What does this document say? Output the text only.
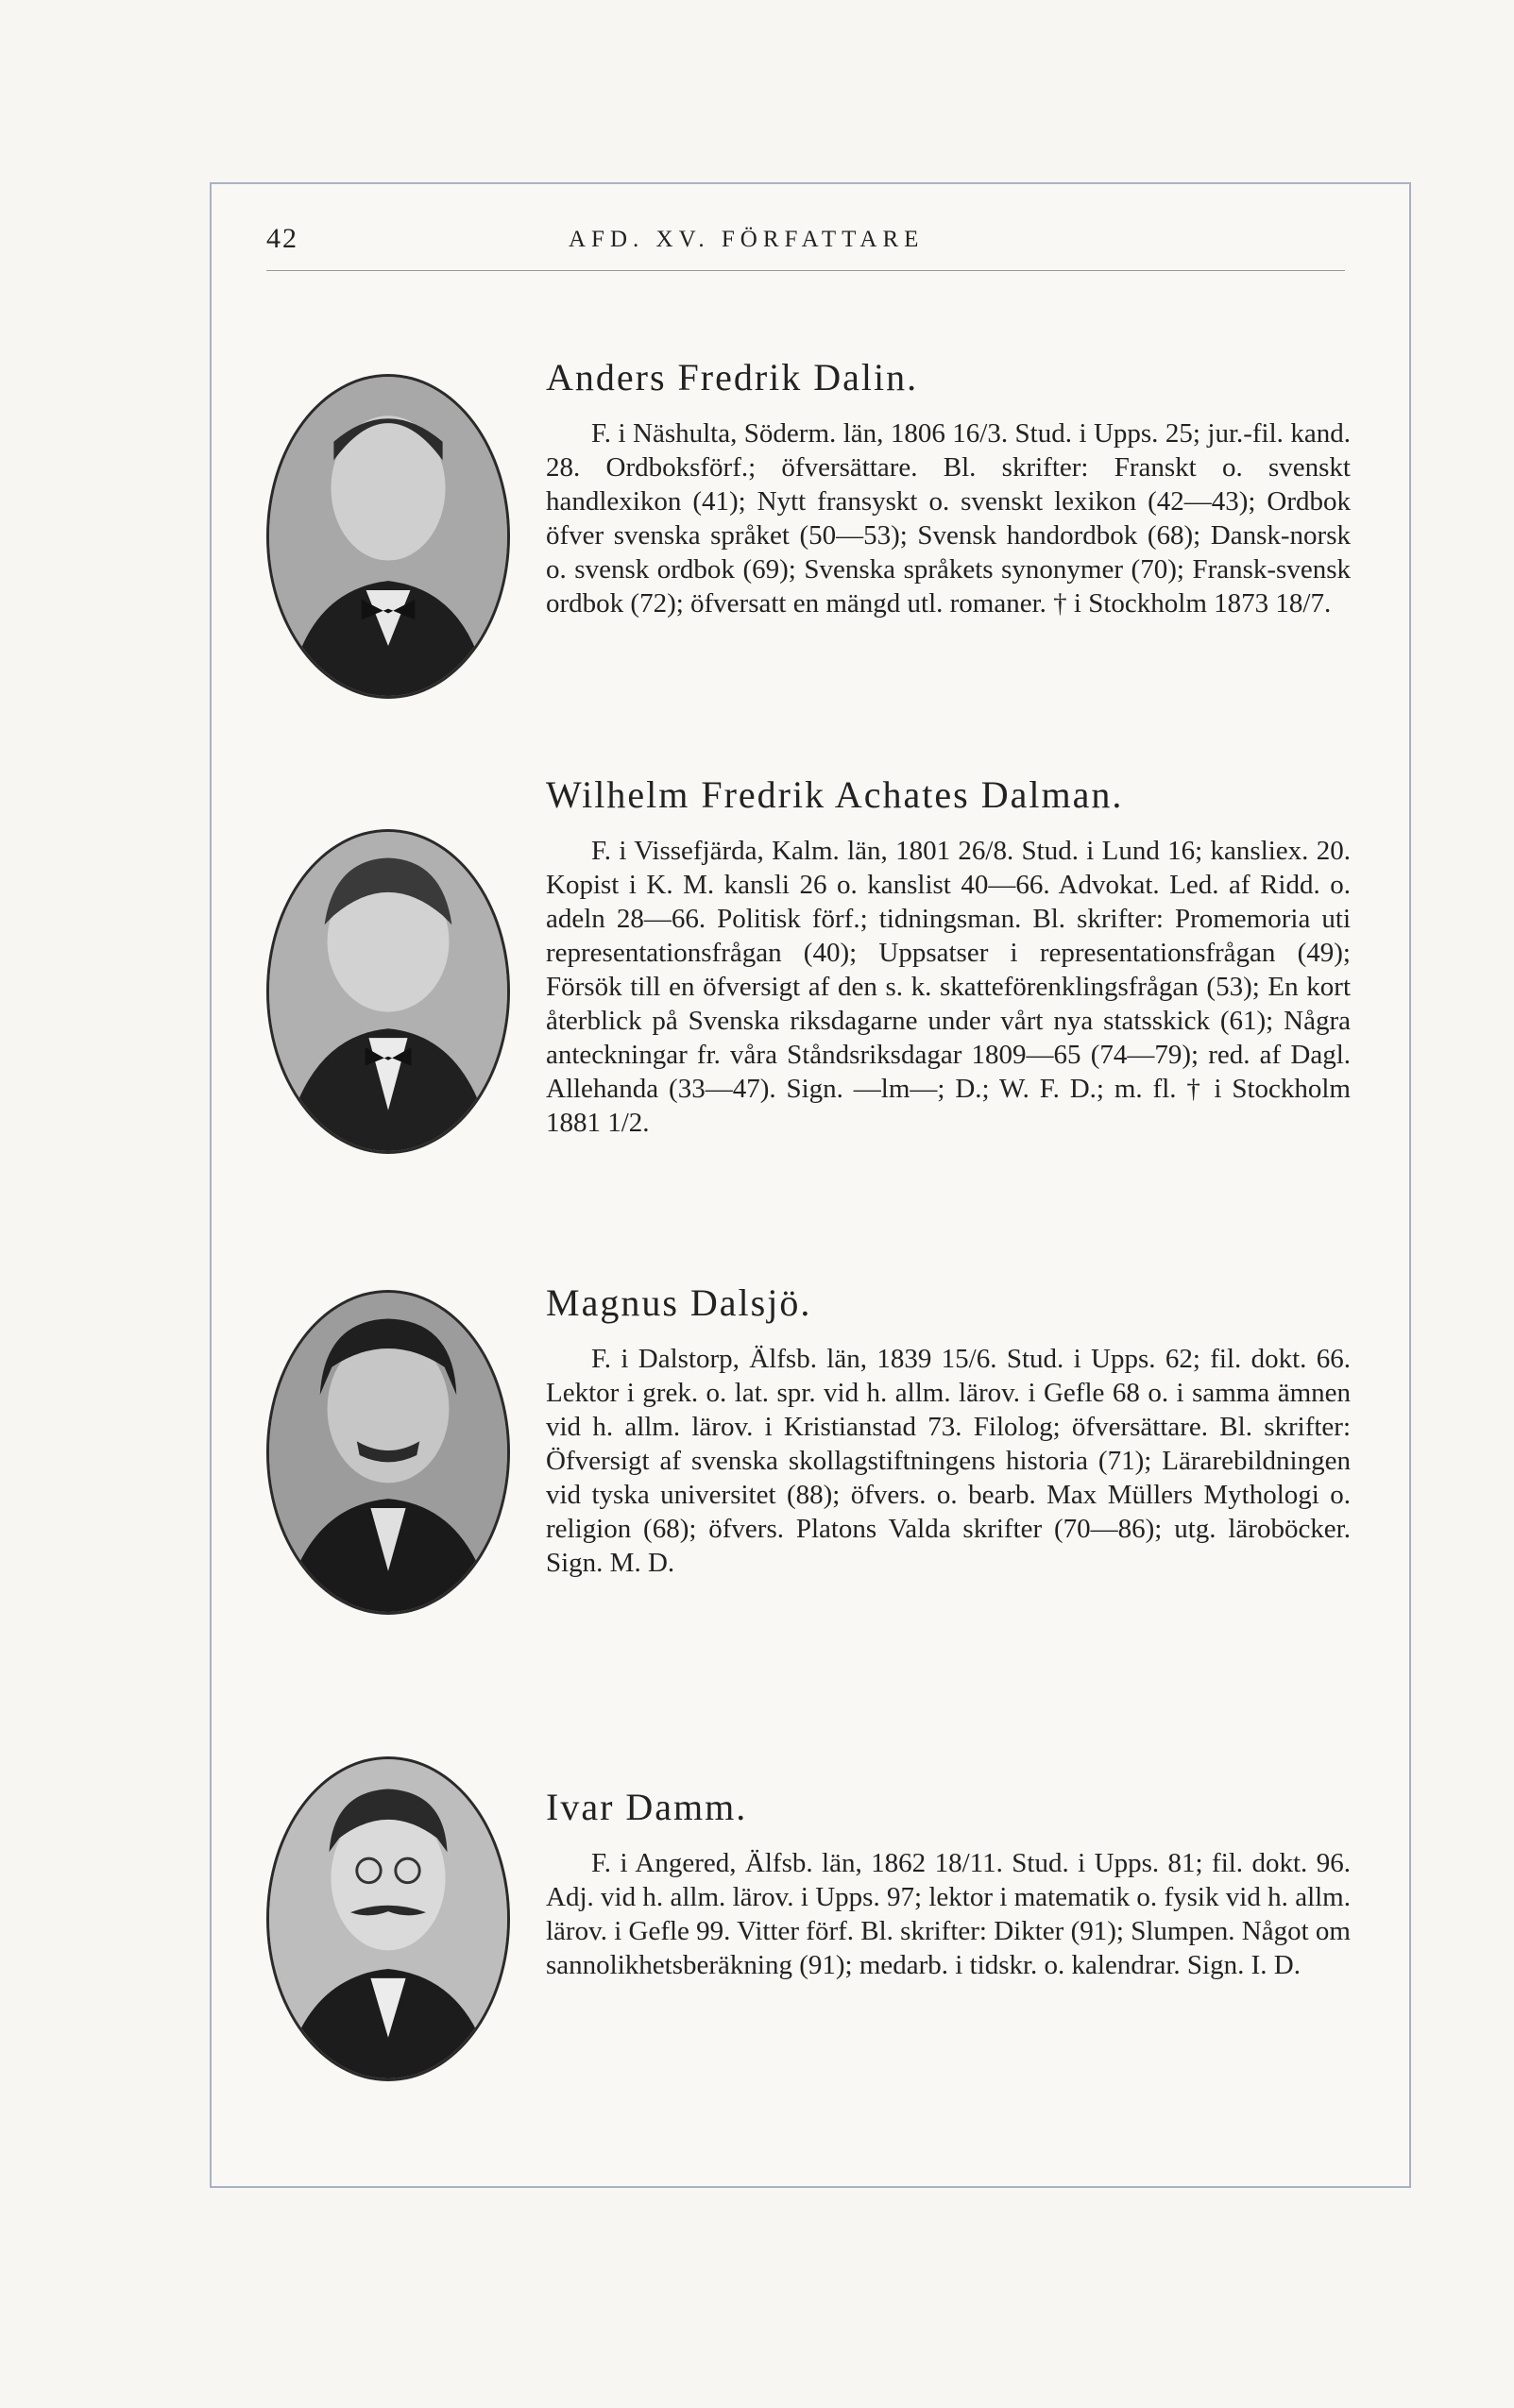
42	AFD. XV. FÖRFATTARE
Anders Fredrik Dalin.

F. i Näshulta, Söderm. län, 1806 16/3. Stud. i Upps. 25; jur.-fil. kand. 28. Ordboksförf.; öfversättare. Bl. skrifter: Franskt o. svenskt handlexikon (41); Nytt fransyskt o. svenskt lexikon (42—43); Ordbok öfver svenska språket (50—53); Svensk handordbok (68); Dansk-norsk o. svensk ordbok (69); Svenska språkets synonymer (70); Fransk-svensk ordbok (72); öfversatt en mängd utl. romaner. † i Stockholm 1873 18/7.

Wilhelm Fredrik Achates Dalman.

F. i Vissefjärda, Kalm. län, 1801 26/8. Stud. i Lund 16; kansliex. 20. Kopist i K. M. kansli 26 o. kanslist 40—66. Advokat. Led. af Ridd. o. adeln 28—66. Politisk förf.; tidningsman. Bl. skrifter: Promemoria uti representationsfrågan (40); Uppsatser i representationsfrågan (49); Försök till en öfversigt af den s. k. skatteförenklingsfrågan (53); En kort återblick på Svenska riksdagarne under vårt nya statsskick (61); Några anteckningar fr. våra Ståndsriksdagar 1809—65 (74—79); red. af Dagl. Allehanda (33—47). Sign. —lm—; D.; W. F. D.; m. fl. † i Stockholm 1881 1/2.

Magnus Dalsjö.

F. i Dalstorp, Älfsb. län, 1839 15/6. Stud. i Upps. 62; fil. dokt. 66. Lektor i grek. o. lat. spr. vid h. allm. lärov. i Gefle 68 o. i samma ämnen vid h. allm. lärov. i Kristianstad 73. Filolog; öfversättare. Bl. skrifter: Öfversigt af svenska skollagstiftningens historia (71); Lärarebildningen vid tyska universitet (88); öfvers. o. bearb. Max Müllers Mythologi o. religion (68); öfvers. Platons Valda skrifter (70—86); utg. läroböcker. Sign. M. D.

Ivar Damm.

F. i Angered, Älfsb. län, 1862 18/11. Stud. i Upps. 81; fil. dokt. 96. Adj. vid h. allm. lärov. i Upps. 97; lektor i matematik o. fysik vid h. allm. lärov. i Gefle 99. Vitter förf. Bl. skrifter: Dikter (91); Slumpen. Något om sannolikhetsberäkning (91); medarb. i tidskr. o. kalendrar. Sign. I. D.
